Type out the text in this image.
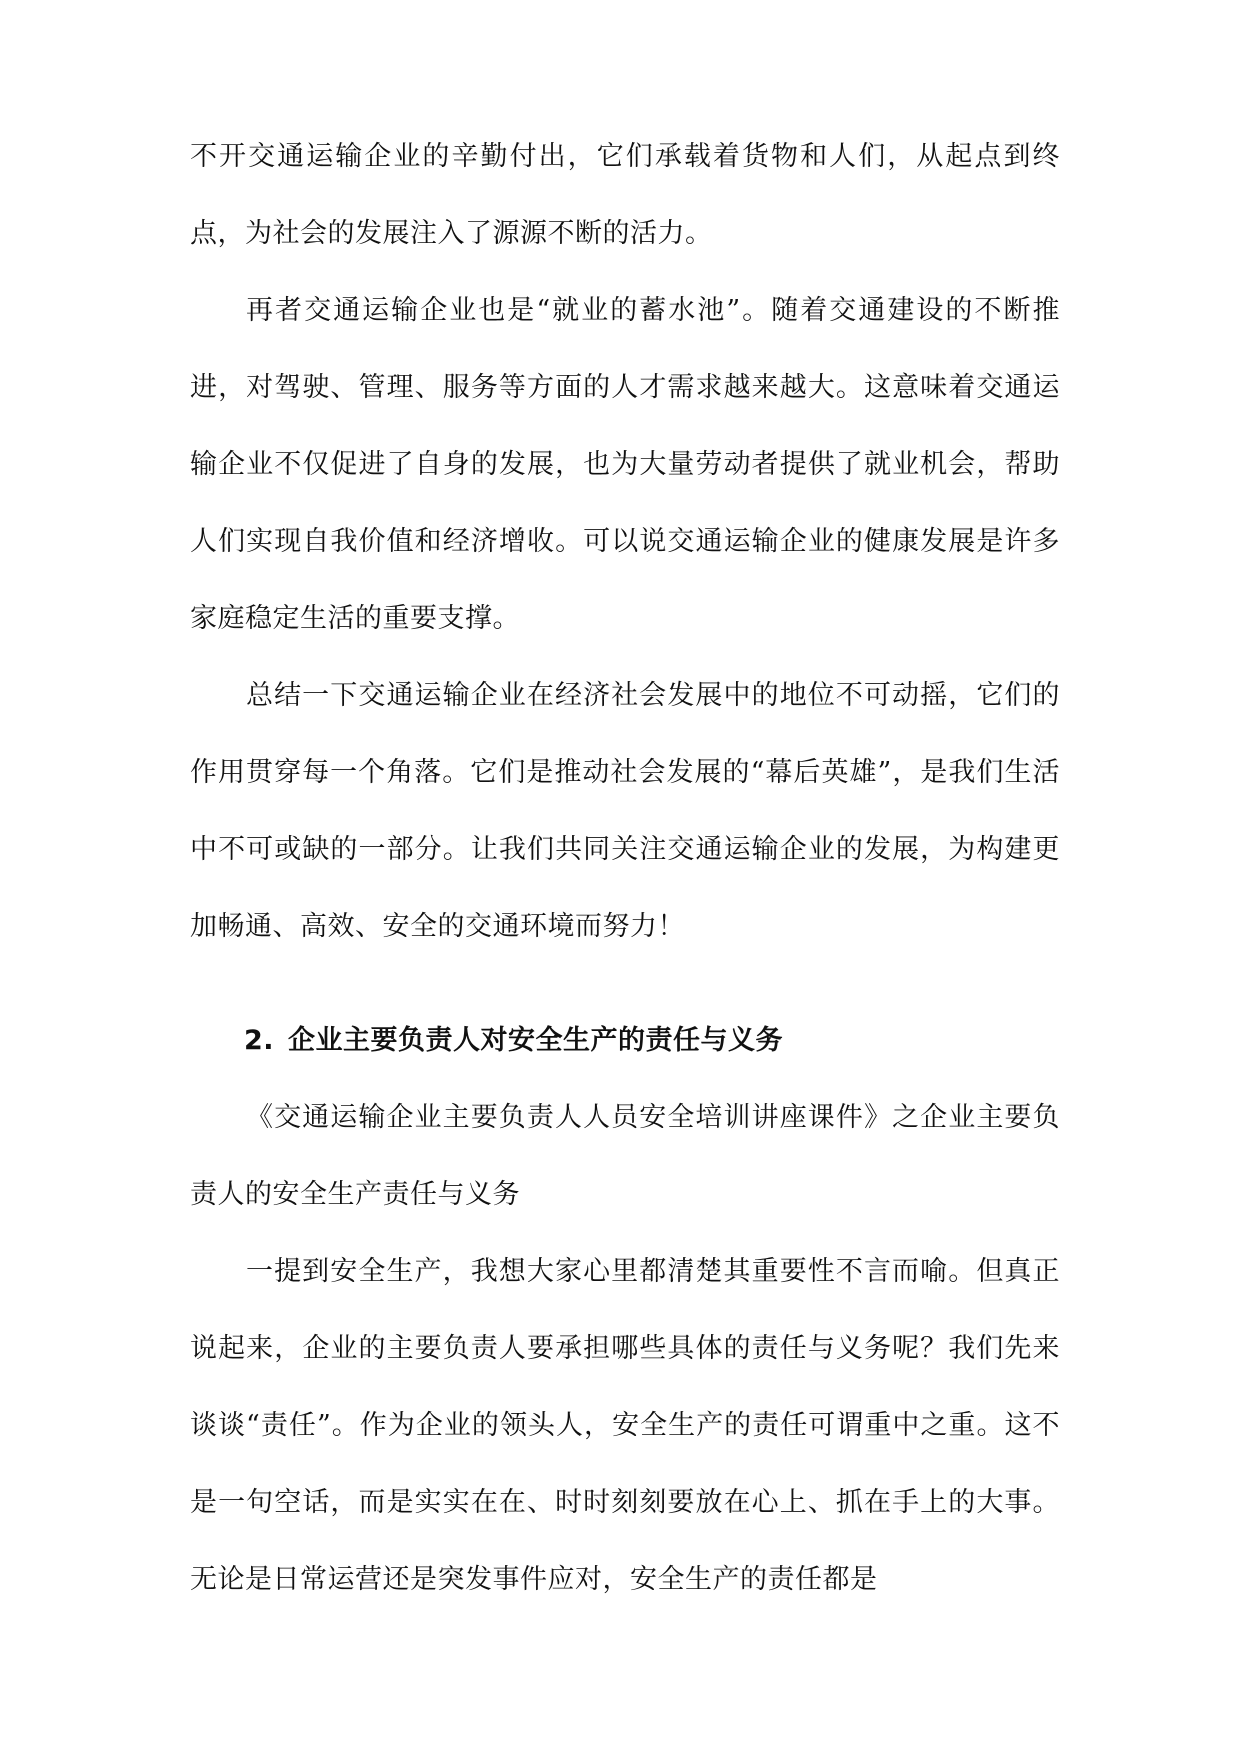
不开交通运输企业的辛勤付出，它们承载着货物和人们，从起点到终点，为社会的发展注入了源源不断的活力。

再者交通运输企业也是“就业的蓄水池”。随着交通建设的不断推进，对驾驶、管理、服务等方面的人才需求越来越大。这意味着交通运输企业不仅促进了自身的发展，也为大量劳动者提供了就业机会，帮助人们实现自我价值和经济增收。可以说交通运输企业的健康发展是许多家庭稳定生活的重要支撑。

总结一下交通运输企业在经济社会发展中的地位不可动摇，它们的作用贯穿每一个角落。它们是推动社会发展的“幕后英雄”，是我们生活中不可或缺的一部分。让我们共同关注交通运输企业的发展，为构建更加畅通、高效、安全的交通环境而努力！

2. 企业主要负责人对安全生产的责任与义务

《交通运输企业主要负责人人员安全培训讲座课件》之企业主要负责人的安全生产责任与义务

一提到安全生产，我想大家心里都清楚其重要性不言而喻。但真正说起来，企业的主要负责人要承担哪些具体的责任与义务呢？我们先来谈谈“责任”。作为企业的领头人，安全生产的责任可谓重中之重。这不是一句空话，而是实实在在、时时刻刻要放在心上、抓在手上的大事。无论是日常运营还是突发事件应对，安全生产的责任都是
